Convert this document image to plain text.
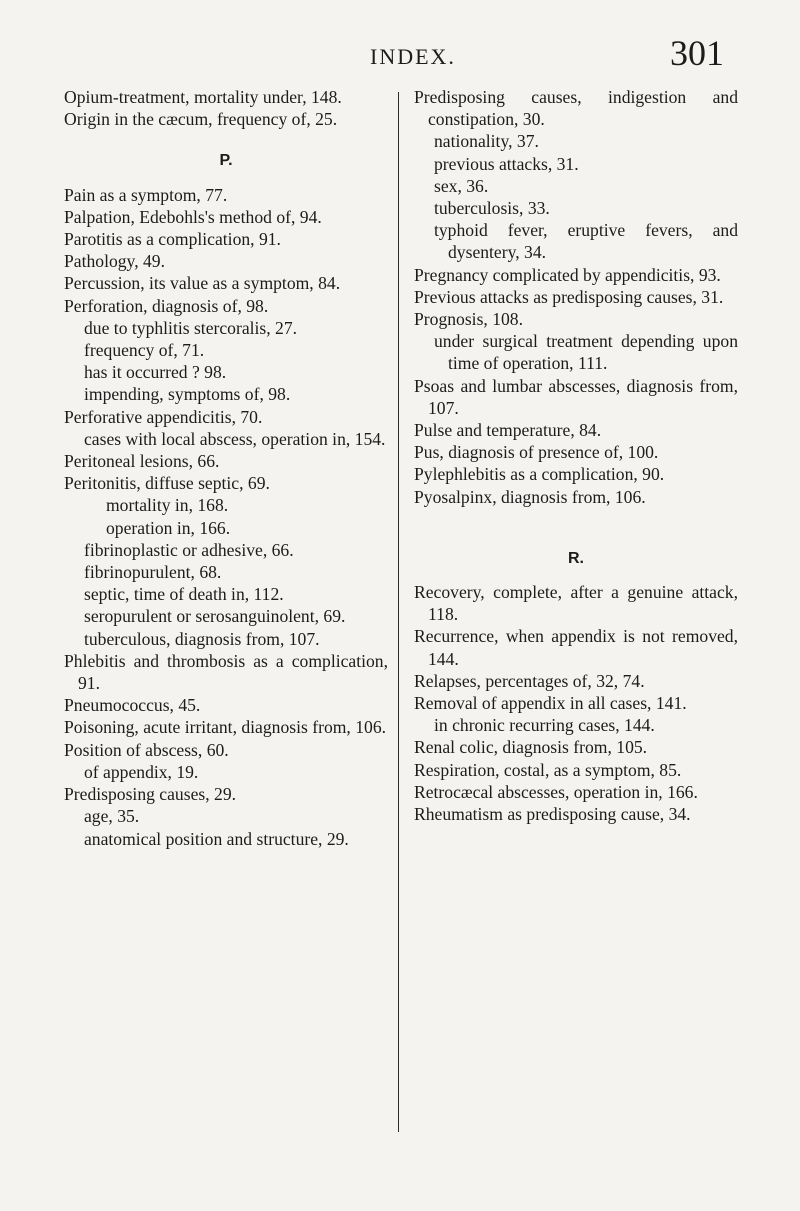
INDEX.	301

Opium-treatment, mortality under, 148.

Origin in the cæcum, frequency of, 25.

P.

Pain as a symptom, 77.

Palpation, Edebohls's method of, 94.

Parotitis as a complication, 91.

Pathology, 49.

Percussion, its value as a symptom, 84.

Perforation, diagnosis of, 98.

due to typhlitis stercoralis, 27.

frequency of, 71.

has it occurred ? 98.

impending, symptoms of, 98.

Perforative appendicitis, 70.

cases with local abscess, operation in, 154.

Peritoneal lesions, 66.

Peritonitis, diffuse septic, 69.

mortality in, 168.

operation in, 166.

fibrinoplastic or adhesive, 66.

fibrinopurulent, 68.

septic, time of death in, 112.

seropurulent or serosanguinolent, 69.

tuberculous, diagnosis from, 107.

Phlebitis and thrombosis as a complication, 91.

Pneumococcus, 45.

Poisoning, acute irritant, diagnosis from, 106.

Position of abscess, 60.

of appendix, 19.

Predisposing causes, 29.

age, 35.

anatomical position and structure, 29.

Predisposing causes, indigestion and constipation, 30.

nationality, 37.

previous attacks, 31.

sex, 36.

tuberculosis, 33.

typhoid fever, eruptive fevers, and dysentery, 34.

Pregnancy complicated by appendicitis, 93.

Previous attacks as predisposing causes, 31.

Prognosis, 108.

under surgical treatment depending upon time of operation, 111.

Psoas and lumbar abscesses, diagnosis from, 107.

Pulse and temperature, 84.

Pus, diagnosis of presence of, 100.

Pylephlebitis as a complication, 90.

Pyosalpinx, diagnosis from, 106.

R.

Recovery, complete, after a genuine attack, 118.

Recurrence, when appendix is not removed, 144.

Relapses, percentages of, 32, 74.

Removal of appendix in all cases, 141.

in chronic recurring cases, 144.

Renal colic, diagnosis from, 105.

Respiration, costal, as a symptom, 85.

Retrocæcal abscesses, operation in, 166.

Rheumatism as predisposing cause, 34.
